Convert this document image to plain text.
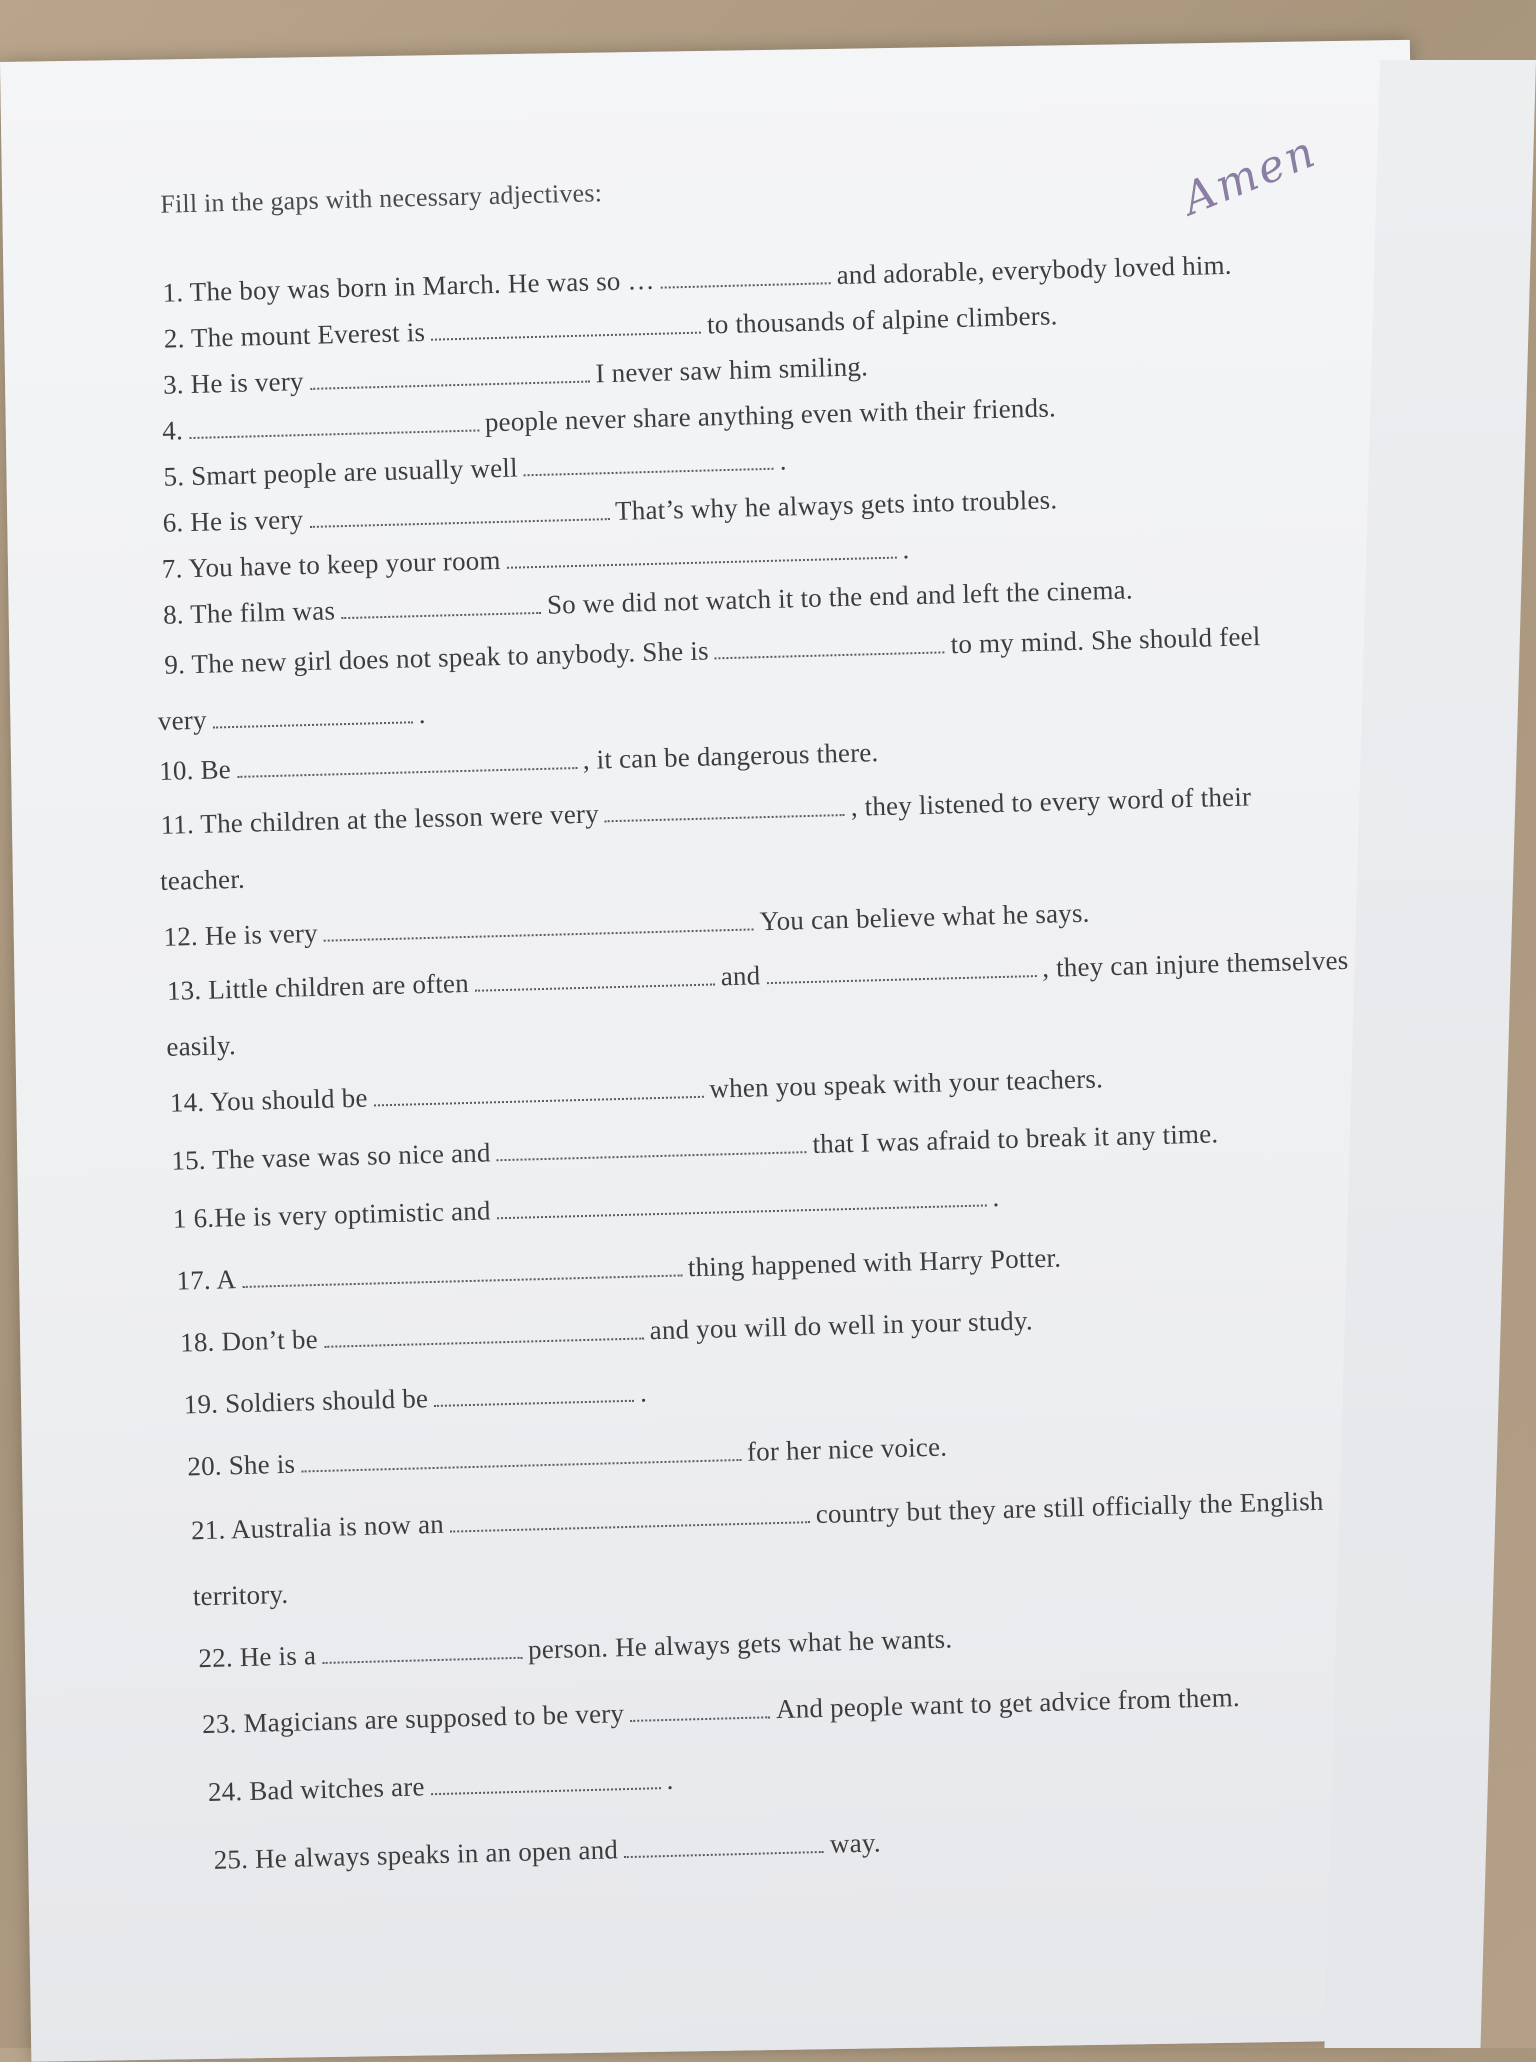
Amen
Fill in the gaps with necessary adjectives:
1. The boy was born in March. He was so …	and adorable, everybody loved him.
2. The mount Everest is	to thousands of alpine climbers.
3. He is very	I never saw him smiling.
4.	people never share anything even with their friends.
5. Smart people are usually well	.
6. He is very	That’s why he always gets into troubles.
7. You have to keep your room	.
8. The film was	So we did not watch it to the end and left the cinema.
9. The new girl does not speak to anybody. She is	to my mind. She should feel
very	.
10. Be	, it can be dangerous there.
11. The children at the lesson were very	, they listened to every word of their
teacher.
12. He is very	You can believe what he says.
13. Little children are often	and	, they can injure themselves
easily.
14. You should be	when you speak with your teachers.
15. The vase was so nice and	that I was afraid to break it any time.
1 6.He is very optimistic and	.
17. A	thing happened with Harry Potter.
18. Don’t be	and you will do well in your study.
19. Soldiers should be	.
20. She is	for her nice voice.
21. Australia is now an	country but they are still officially the English
territory.
22. He is a	person. He always gets what he wants.
23. Magicians are supposed to be very	And people want to get advice from them.
24. Bad witches are	.
25. He always speaks in an open and	way.
